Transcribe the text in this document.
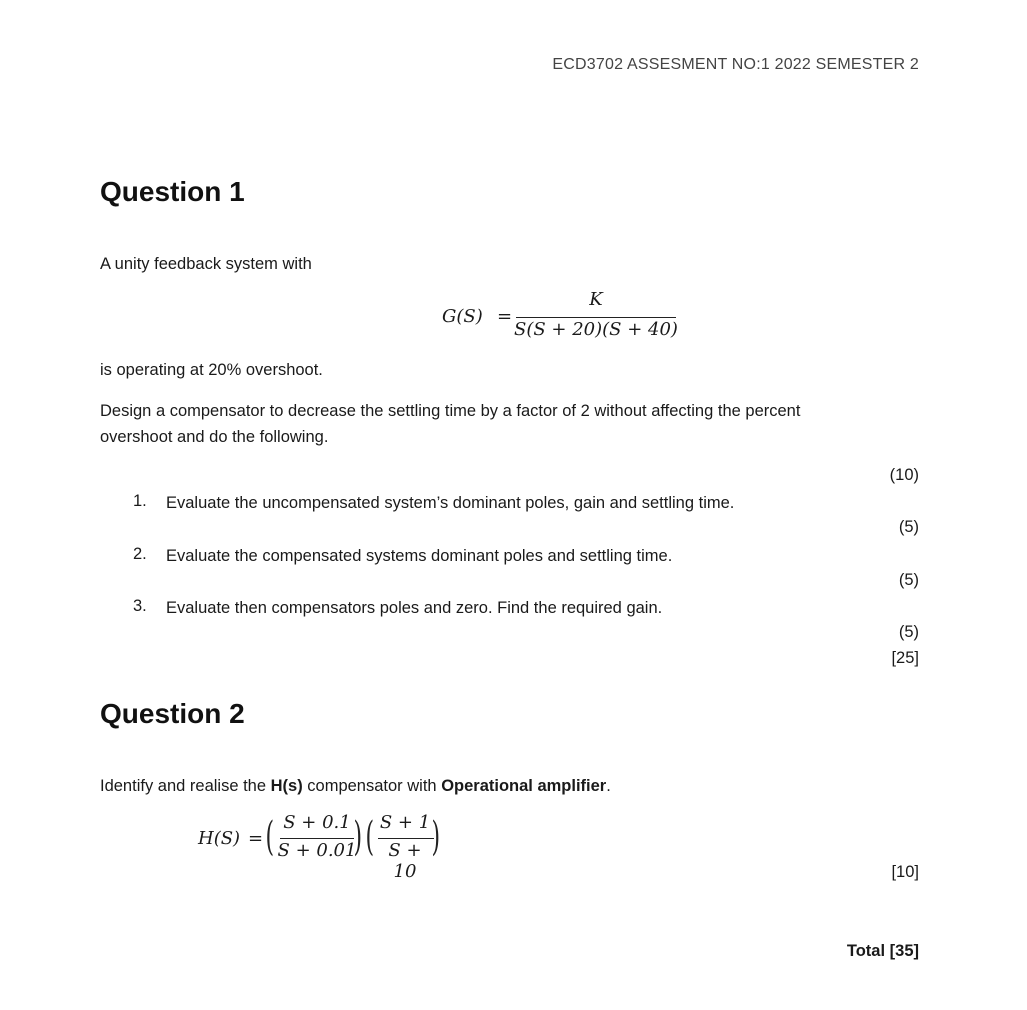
ECD3702 ASSESMENT NO:1 2022 SEMESTER 2
Question 1
A unity feedback system with
G(S) =
K
S(S + 20)(S + 40)
is operating at 20% overshoot.
Design a compensator to decrease the settling time by a factor of 2 without affecting the percent
overshoot and do the following.
(10)
1. Evaluate the uncompensated system’s dominant poles, gain and settling time.
(5)
2. Evaluate the compensated systems dominant poles and settling time.
(5)
3. Evaluate then compensators poles and zero. Find the required gain.
(5)
[25]
Question 2
Identify and realise the H(s) compensator with Operational amplifier.
H(S) = ( S + 0.1
S + 0.01
) ( S + 1
S + 10
)
[10]
Total [35]
